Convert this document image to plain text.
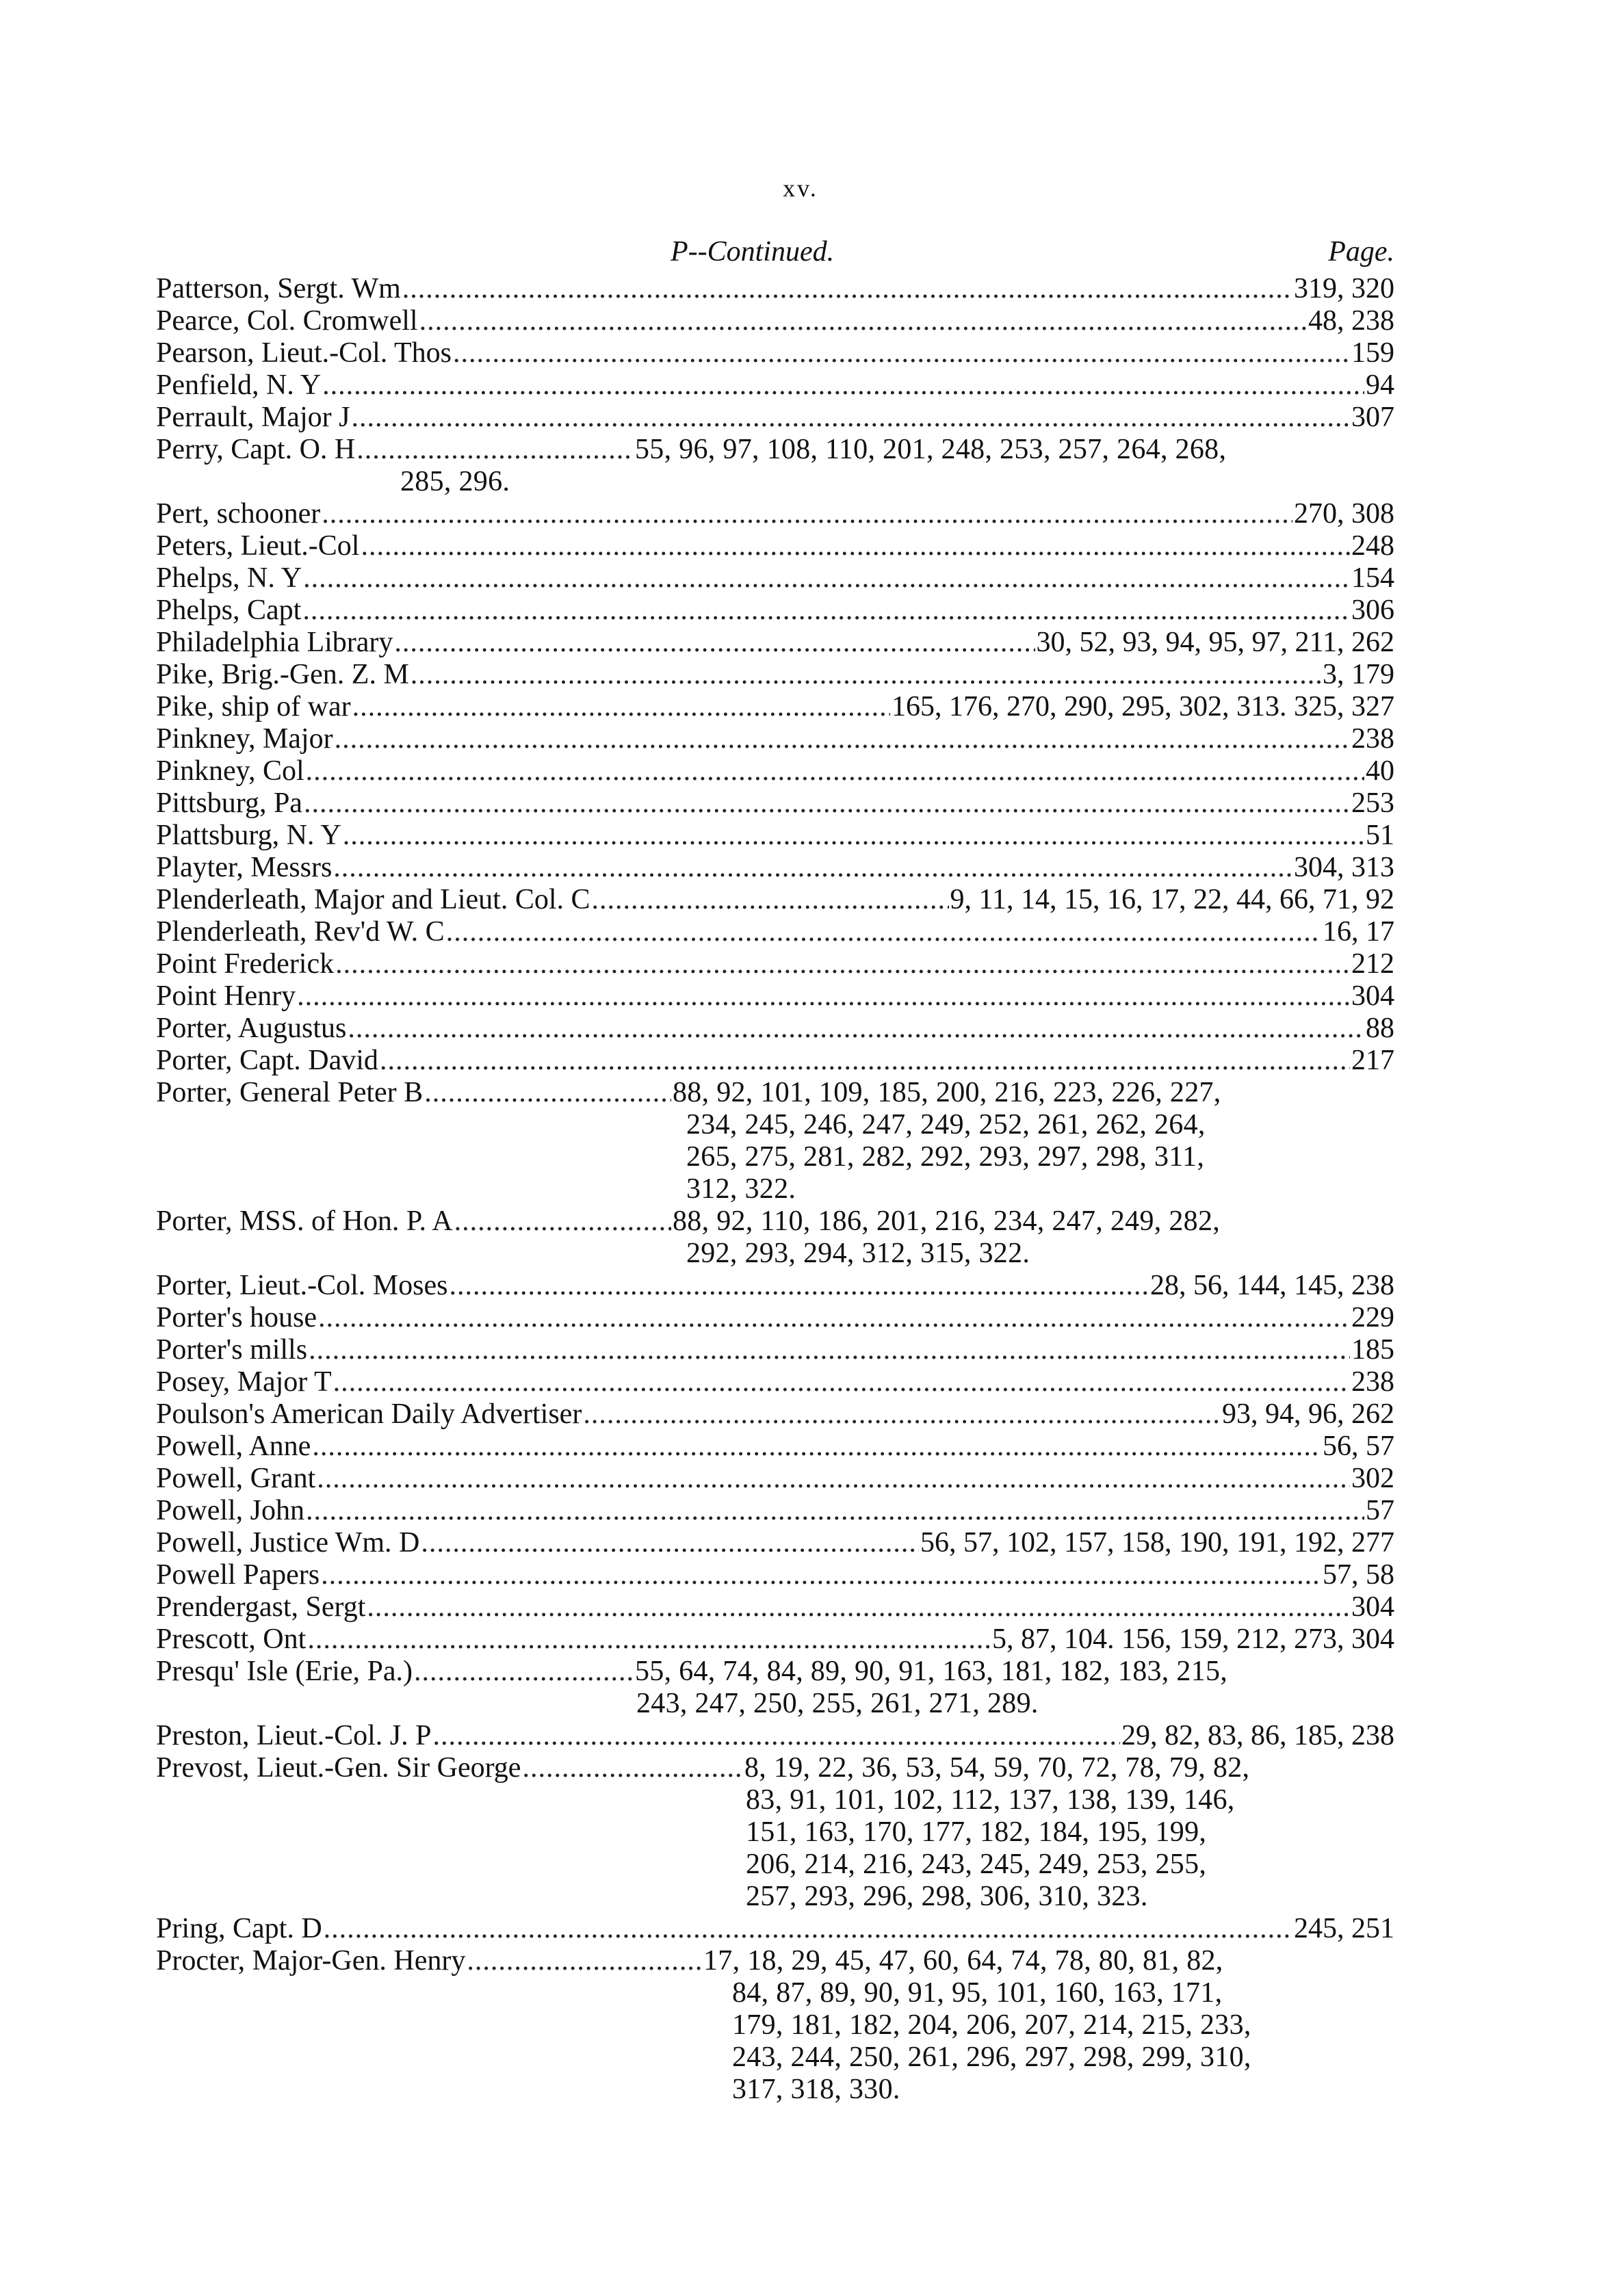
xv.
P--Continued.	Page.
Patterson, Sergt. Wm .....	319, 320
Pearce, Col. Cromwell .....	48, 238
Pearson, Lieut.-Col. Thos .....	159
Penfield, N. Y .....	94
Perrault, Major J .....	307
Perry, Capt. O. H .....	55, 96, 97, 108, 110, 201, 248, 253, 257, 264, 268,
285, 296.
Pert, schooner .....	270, 308
Peters, Lieut.-Col .....	248
Phelps, N. Y .....	154
Phelps, Capt .....	306
Philadelphia Library .....	30, 52, 93, 94, 95, 97, 211, 262
Pike, Brig.-Gen. Z. M .....	3, 179
Pike, ship of war .....	165, 176, 270, 290, 295, 302, 313. 325, 327
Pinkney, Major .....	238
Pinkney, Col .....	40
Pittsburg, Pa .....	253
Plattsburg, N. Y .....	51
Playter, Messrs .....	304, 313
Plenderleath, Major and Lieut. Col. C .....	9, 11, 14, 15, 16, 17, 22, 44, 66, 71, 92
Plenderleath, Rev'd W. C .....	16, 17
Point Frederick .....	212
Point Henry .....	304
Porter, Augustus .....	88
Porter, Capt. David .....	217
Porter, General Peter B .....	88, 92, 101, 109, 185, 200, 216, 223, 226, 227,
234, 245, 246, 247, 249, 252, 261, 262, 264,
265, 275, 281, 282, 292, 293, 297, 298, 311,
312, 322.
Porter, MSS. of Hon. P. A .....	88, 92, 110, 186, 201, 216, 234, 247, 249, 282,
292, 293, 294, 312, 315, 322.
Porter, Lieut.-Col. Moses .....	28, 56, 144, 145, 238
Porter's house .....	229
Porter's mills .....	185
Posey, Major T .....	238
Poulson's American Daily Advertiser .....	93, 94, 96, 262
Powell, Anne .....	56, 57
Powell, Grant .....	302
Powell, John .....	57
Powell, Justice Wm. D .....	56, 57, 102, 157, 158, 190, 191, 192, 277
Powell Papers .....	57, 58
Prendergast, Sergt .....	304
Prescott, Ont .....	5, 87, 104. 156, 159, 212, 273, 304
Presqu' Isle (Erie, Pa.) .....	55, 64, 74, 84, 89, 90, 91, 163, 181, 182, 183, 215,
243, 247, 250, 255, 261, 271, 289.
Preston, Lieut.-Col. J. P .....	29, 82, 83, 86, 185, 238
Prevost, Lieut.-Gen. Sir George .....	8, 19, 22, 36, 53, 54, 59, 70, 72, 78, 79, 82,
83, 91, 101, 102, 112, 137, 138, 139, 146,
151, 163, 170, 177, 182, 184, 195, 199,
206, 214, 216, 243, 245, 249, 253, 255,
257, 293, 296, 298, 306, 310, 323.
Pring, Capt. D .....	245, 251
Procter, Major-Gen. Henry .....	17, 18, 29, 45, 47, 60, 64, 74, 78, 80, 81, 82,
84, 87, 89, 90, 91, 95, 101, 160, 163, 171,
179, 181, 182, 204, 206, 207, 214, 215, 233,
243, 244, 250, 261, 296, 297, 298, 299, 310,
317, 318, 330.
